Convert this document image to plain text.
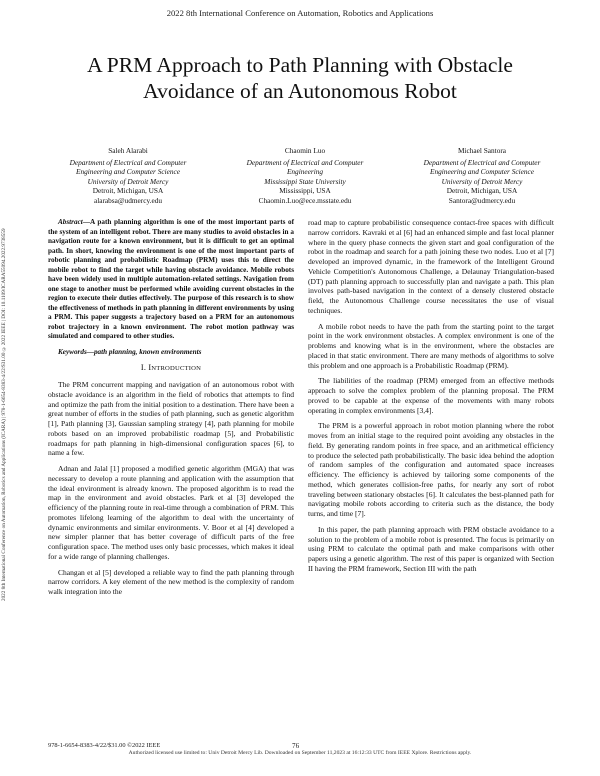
2022 8th International Conference on Automation, Robotics and Applications
A PRM Approach to Path Planning with Obstacle
Avoidance of an Autonomous Robot
2022 8th International Conference on Automation, Robotics and Applications (ICARA) | 978-1-6654-8383-4/22/$31.00 ©2022 IEEE | DOI: 10.1109/ICARA55094.2022.9738559
Saleh Alarabi
Department of Electrical and Computer
Engineering and Computer Science
University of Detroit Mercy
Detroit, Michigan, USA
alarabsa@udmercy.edu
Chaomin Luo
Department of Electrical and Computer
Engineering
Mississippi State University
Mississippi, USA
Chaomin.Luo@ece.msstate.edu
Michael Santora
Department of Electrical and Computer
Engineering and Computer Science
University of Detroit Mercy
Detroit, Michigan, USA
Santora@udmercy.edu

Abstract—A path planning algorithm is one of the most important parts of the system of an intelligent robot. There are many studies to avoid obstacles in a navigation route for a known environment, but it is difficult to get an optimal path. In short, knowing the environment is one of the most important parts of robotic planning and probabilistic Roadmap (PRM) uses this to direct the mobile robot to find the target while having obstacle avoidance. Mobile robots have been widely used in multiple automation-related settings. Navigation from one stage to another must be performed while avoiding current obstacles in the region to execute their duties effectively. The purpose of this research is to show the effectiveness of methods in path planning in different environments by using a PRM. This paper suggests a trajectory based on a PRM for an autonomous robot trajectory in a known environment. The robot motion pathway was simulated and compared to other studies.

Keywords—path planning, known environments

I. INTRODUCTION

The PRM concurrent mapping and navigation of an autonomous robot with obstacle avoidance is an algorithm in the field of robotics that attempts to find and optimize the path from the initial position to a destination. There have been a great number of efforts in the studies of path planning, such as genetic algorithm [1], Path planning [3], Gaussian sampling strategy [4], path planning for mobile robots based on an improved probabilistic roadmap [5], and Probabilistic roadmaps for path planning in high-dimensional configuration spaces [6], to name a few.

Adnan and Jalal [1] proposed a modified genetic algorithm (MGA) that was necessary to develop a route planning and application with the assumption that the ideal environment is already known. The proposed algorithm is to read the map in the environment and avoid obstacles. Park et al [3] developed the efficiency of the planning route in real-time through a combination of PRM. This promotes lifelong learning of the algorithm to deal with the uncertainty of dynamic environments and similar environments. V. Boor et al [4] developed a new simpler planner that has better coverage of difficult parts of the free configuration space. The method uses only basic processes, which makes it ideal for a wide range of planning challenges.

Changan et al [5] developed a reliable way to find the path planning through narrow corridors. A key element of the new method is the complexity of random walk integration into the

road map to capture probabilistic consequence contact-free spaces with difficult narrow corridors. Kavraki et al [6] had an enhanced simple and fast local planner where in the query phase connects the given start and goal configuration of the robot in the roadmap and search for a path joining these two nodes. Luo et al [7] developed an improved dynamic, in the framework of the Intelligent Ground Vehicle Competition's Autonomous Challenge, a Delaunay Triangulation-based (DT) path planning approach to successfully plan and navigate a path. This plan involves path-based navigation in the context of a densely clustered obstacle field, the Autonomous Challenge course necessitates the use of visual techniques.

A mobile robot needs to have the path from the starting point to the target point in the work environment obstacles. A complex environment is one of the problems and knowing what is in the environment, where the obstacles are placed in that static environment. There are many methods of algorithms to solve this problem and one approach is a Probabilistic Roadmap (PRM).

The liabilities of the roadmap (PRM) emerged from an effective methods approach to solve the complex problem of the planning proposal. The PRM proved to be capable at the expense of the movements with many robots operating in complex environments [3,4].

The PRM is a powerful approach in robot motion planning where the robot moves from an initial stage to the required point avoiding any obstacles in the field. By generating random points in free space, and an arithmetical efficiency to produce the selected path probabilistically. The basic idea behind the adoption of random samples of the configuration and automated space increases efficiency. The efficiency is achieved by tailoring some components of the method, which generates collision-free paths, for nearly any sort of robot traveling between stationary obstacles [6]. It calculates the best-planned path for navigating mobile robots according to criteria such as the distance, the body turns, and time [7].

In this paper, the path planning approach with PRM obstacle avoidance to a solution to the problem of a mobile robot is presented. The focus is primarily on using PRM to calculate the optimal path and make comparisons with other papers using a genetic algorithm. The rest of this paper is organized with Section II having the PRM framework, Section III with the path

978-1-6654-8383-4/22/$31.00 ©2022 IEEE	76
Authorized licensed use limited to: Univ Detroit Mercy Lib. Downloaded on September 11,2023 at 16:12:33 UTC from IEEE Xplore. Restrictions apply.
